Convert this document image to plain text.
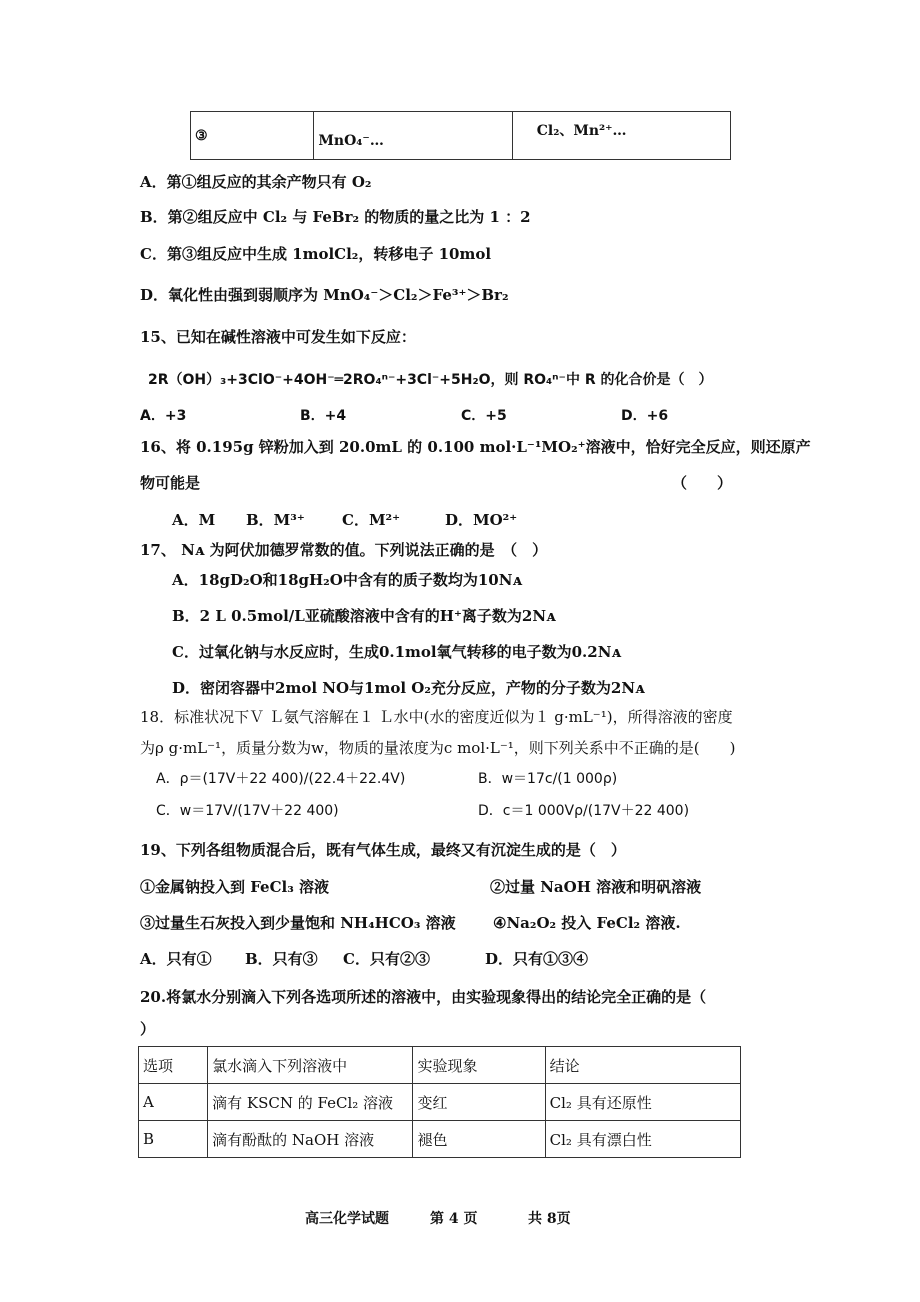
③	MnO₄⁻…	Cl₂、Mn²⁺…
A．第①组反应的其余产物只有 O₂
B．第②组反应中 Cl₂ 与 FeBr₂ 的物质的量之比为 1 ：2
C．第③组反应中生成 1molCl₂，转移电子 10mol
D．氧化性由强到弱顺序为 MnO₄⁻＞Cl₂＞Fe³⁺＞Br₂
15、已知在碱性溶液中可发生如下反应：
2R（OH）₃+3ClO⁻+4OH⁻═2RO₄ⁿ⁻+3Cl⁻+5H₂O，则 RO₄ⁿ⁻中 R 的化合价是（　）
A．+3	B．+4	C．+5	D．+6
16、将 0.195g 锌粉加入到 20.0mL 的 0.100 mol·L⁻¹MO₂⁺溶液中，恰好完全反应，则还原产
物可能是	（　　）
A．M B．M³⁺ C．M²⁺	D．MO²⁺
17、 Nᴀ 为阿伏加德罗常数的值。下列说法正确的是　（　）
A．18gD₂O和18gH₂O中含有的质子数均为10Nᴀ
B．2 L 0.5mol/L亚硫酸溶液中含有的H⁺离子数为2Nᴀ
C．过氧化钠与水反应时，生成0.1mol氧气转移的电子数为0.2Nᴀ
D．密闭容器中2mol NO与1mol O₂充分反应，产物的分子数为2Nᴀ
18．标准状况下Ｖ Ｌ氨气溶解在１ Ｌ水中(水的密度近似为１ g·mL⁻¹)，所得溶液的密度
为ρ g·mL⁻¹，质量分数为w，物质的量浓度为c mol·L⁻¹，则下列关系中不正确的是(　　)
A．ρ＝(17V＋22 400)/(22.4＋22.4V)	B．w＝17c/(1 000ρ)
C．w＝17V/(17V＋22 400)	D．c＝1 000Vρ/(17V＋22 400)
19、下列各组物质混合后，既有气体生成，最终又有沉淀生成的是（　）
①金属钠投入到 FeCl₃ 溶液	②过量 NaOH 溶液和明矾溶液
③过量生石灰投入到少量饱和 NH₄HCO₃ 溶液 ④Na₂O₂ 投入 FeCl₂ 溶液.
A．只有① B．只有③ C．只有②③	D．只有①③④
20.将氯水分别滴入下列各选项所述的溶液中，由实验现象得出的结论完全正确的是（
）
选项	氯水滴入下列溶液中	实验现象	结论
A	滴有 KSCN 的 FeCl₂ 溶液	变红	Cl₂ 具有还原性
B	滴有酚酞的 NaOH 溶液	褪色	Cl₂ 具有漂白性
高三化学试题	第 4 页	共 8页
